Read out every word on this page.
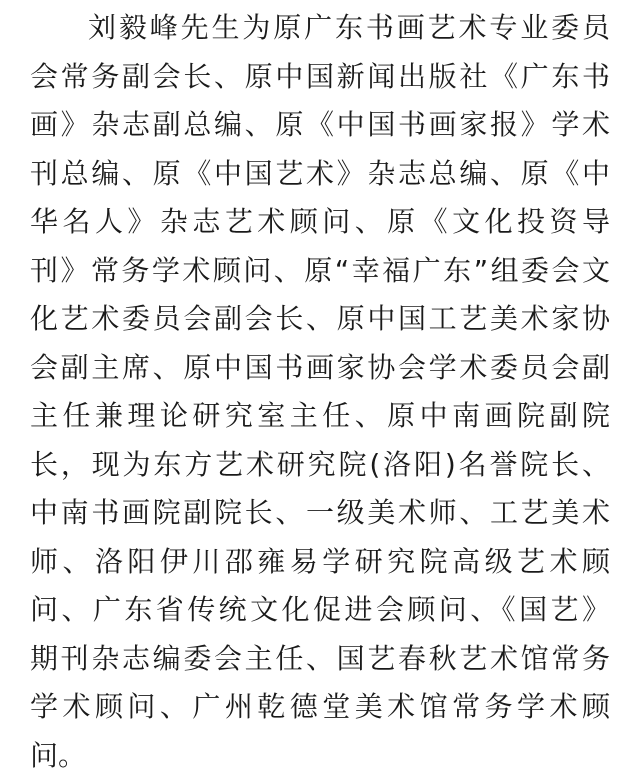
刘毅峰先生为原广东书画艺术专业委员
会常务副会长、原中国新闻出版社《广东书
画》杂志副总编、原《中国书画家报》学术
刊总编、原《中国艺术》杂志总编、原《中
华名人》杂志艺术顾问、原《文化投资导
刊》常务学术顾问、原“幸福广东”组委会文
化艺术委员会副会长、原中国工艺美术家协
会副主席、原中国书画家协会学术委员会副
主任兼理论研究室主任、原中南画院副院
长，现为东方艺术研究院(洛阳)名誉院长、
中南书画院副院长、一级美术师、工艺美术
师、洛阳伊川邵雍易学研究院高级艺术顾
问、广东省传统文化促进会顾问、《国艺》
期刊杂志编委会主任、国艺春秋艺术馆常务
学术顾问、广州乾德堂美术馆常务学术顾
问。
